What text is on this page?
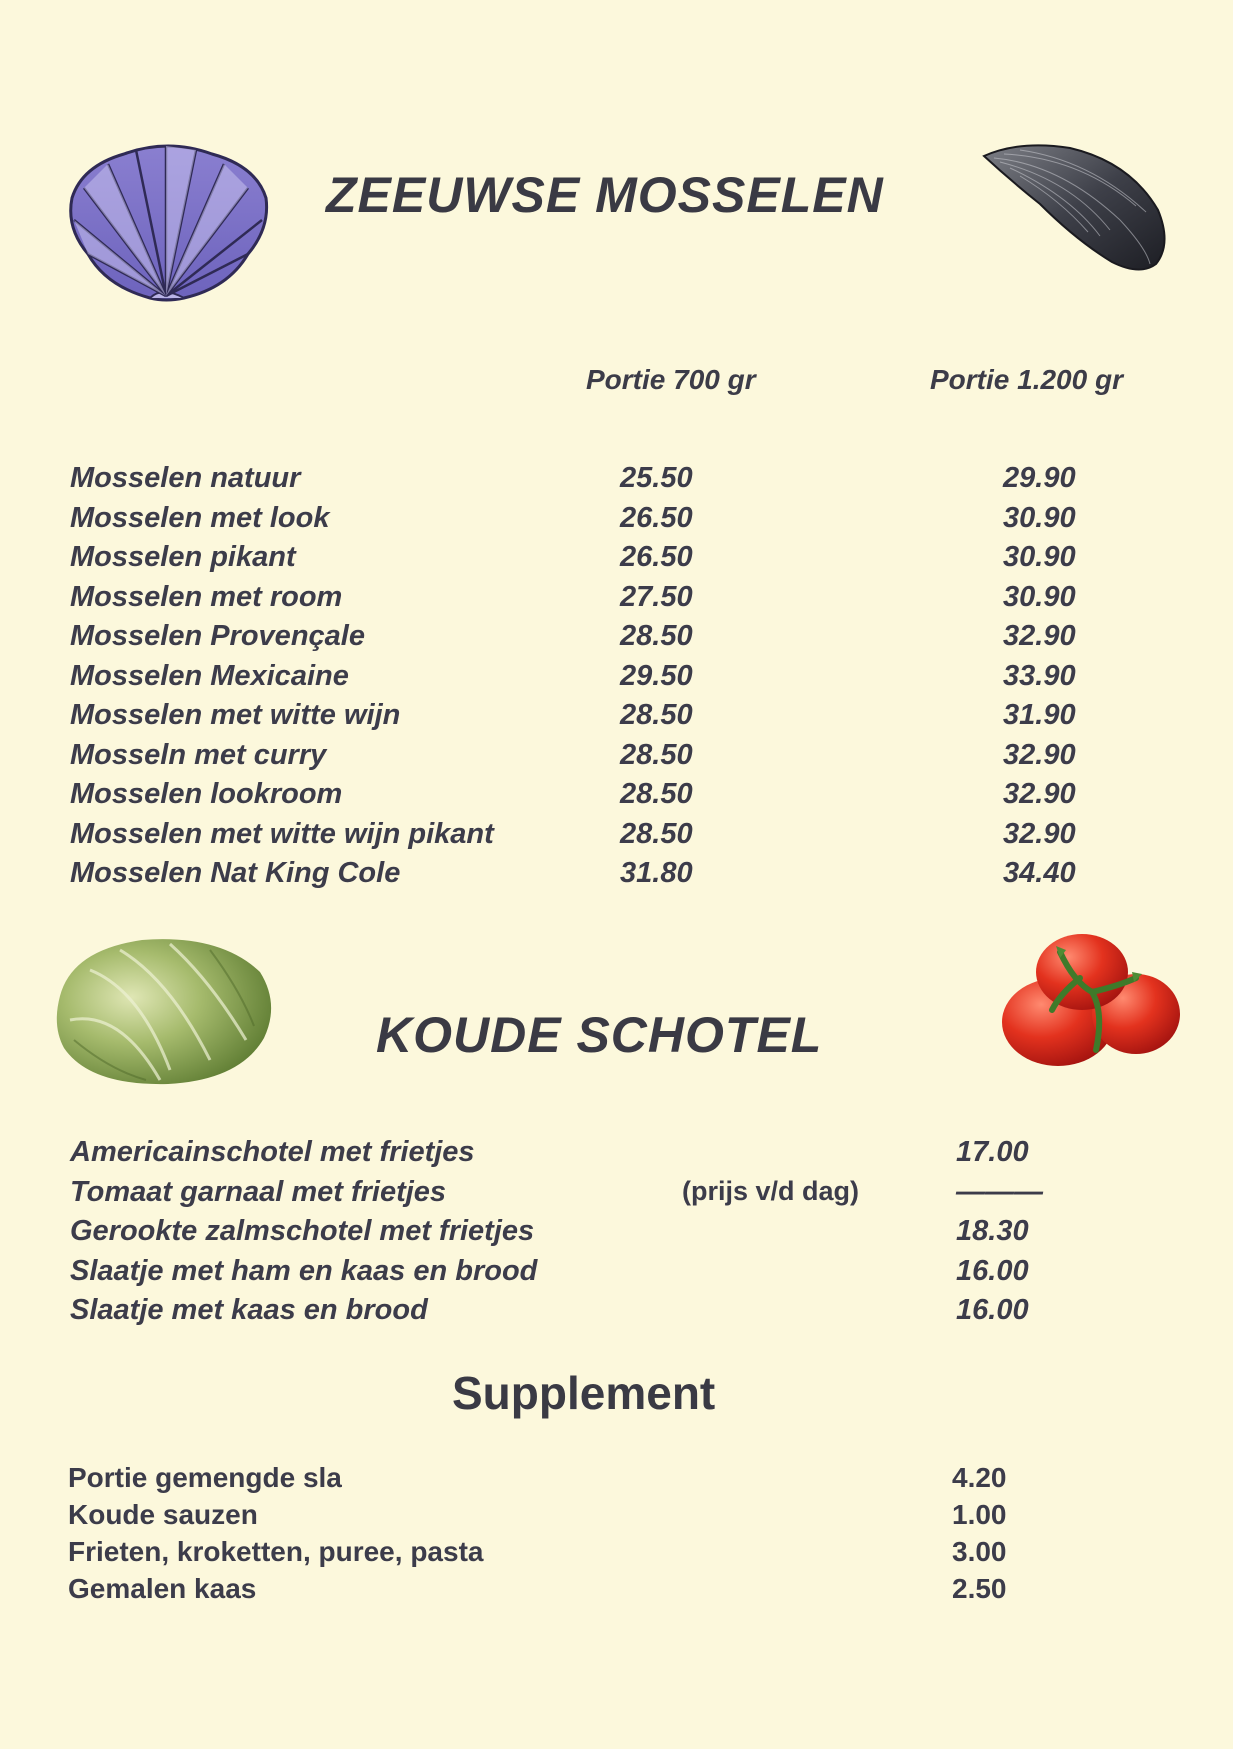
ZEEUWSE MOSSELEN
Portie 700 gr	Portie 1.200 gr
Mosselen natuur	25.50	29.90
Mosselen met look	26.50	30.90
Mosselen pikant	26.50	30.90
Mosselen met room	27.50	30.90
Mosselen Provençale	28.50	32.90
Mosselen Mexicaine	29.50	33.90
Mosselen met witte wijn	28.50	31.90
Mosseln met curry	28.50	32.90
Mosselen lookroom	28.50	32.90
Mosselen met witte wijn pikant	28.50	32.90
Mosselen Nat King Cole	31.80	34.40
KOUDE SCHOTEL
Americainschotel met frietjes	17.00
Tomaat garnaal met frietjes	(prijs v/d dag)	———
Gerookte zalmschotel met frietjes	18.30
Slaatje met ham en kaas en brood	16.00
Slaatje met kaas en brood	16.00
Supplement
Portie gemengde sla	4.20
Koude sauzen	1.00
Frieten, kroketten, puree, pasta	3.00
Gemalen kaas	2.50
